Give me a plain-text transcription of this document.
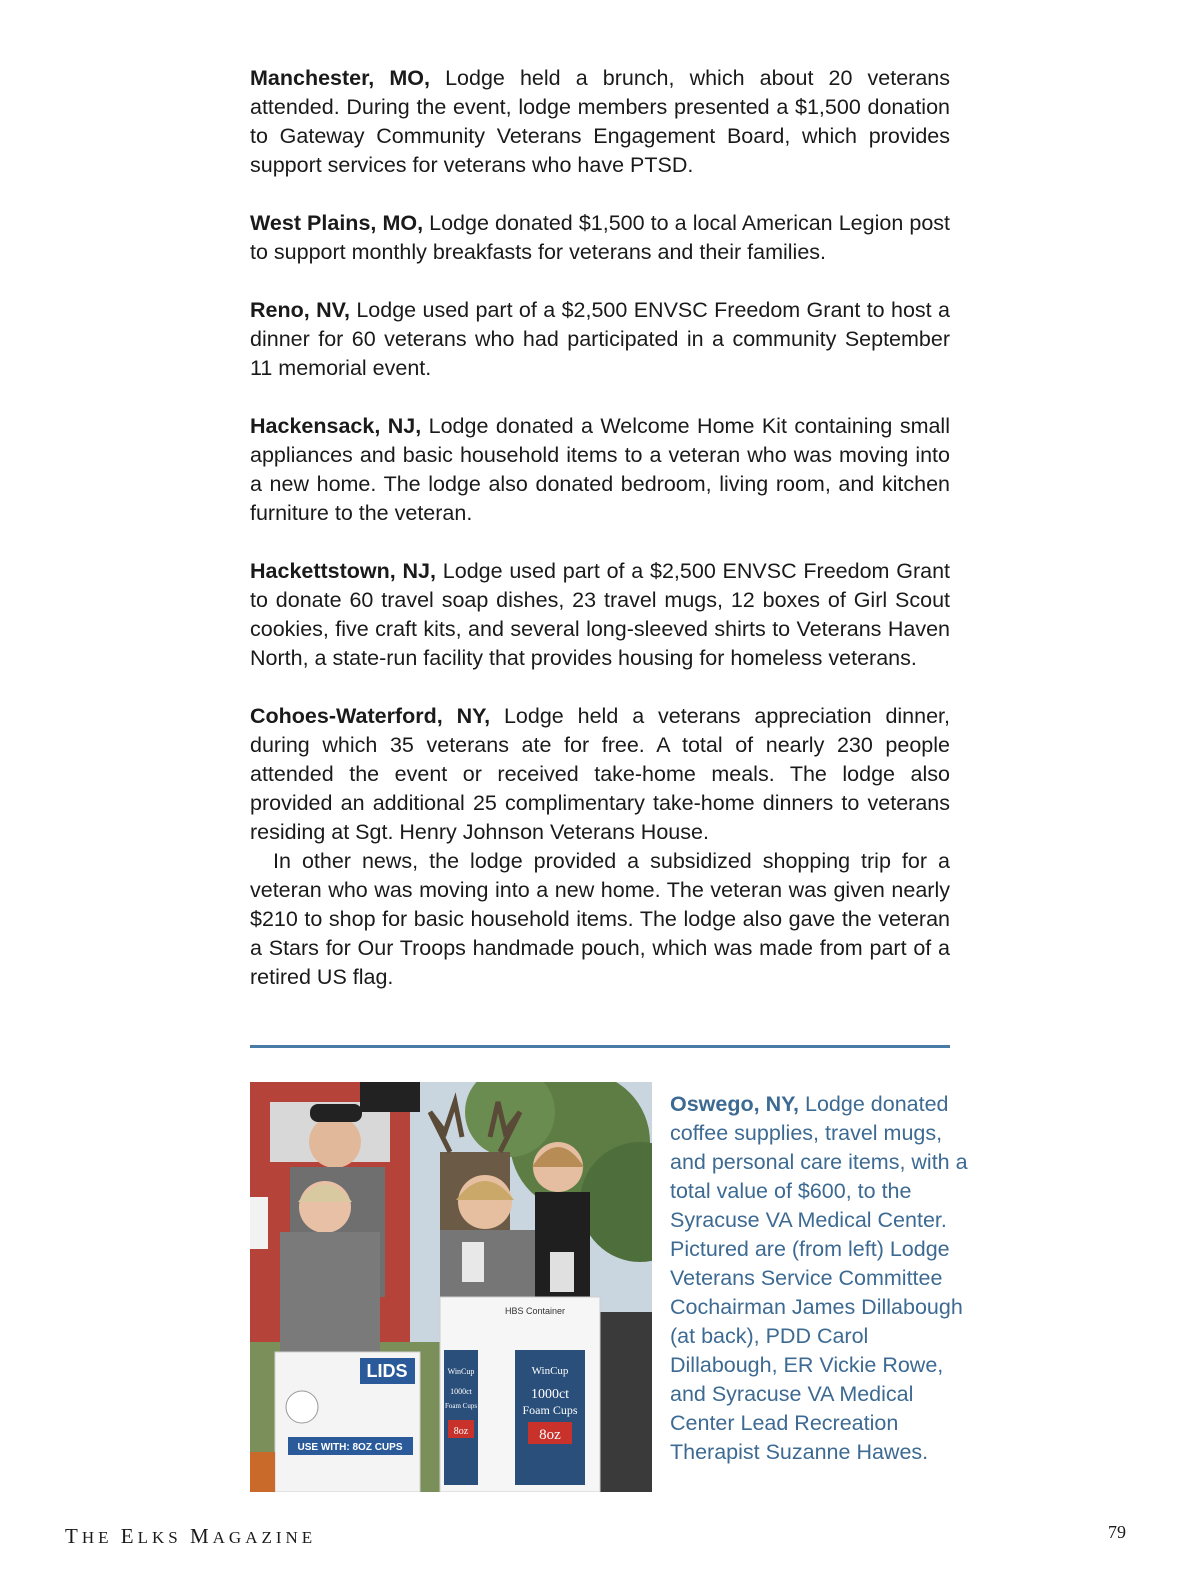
Manchester, MO, Lodge held a brunch, which about 20 veterans attended. During the event, lodge members presented a $1,500 donation to Gateway Community Veterans Engagement Board, which provides support services for veterans who have PTSD.

West Plains, MO, Lodge donated $1,500 to a local American Legion post to support monthly breakfasts for veterans and their families.

Reno, NV, Lodge used part of a $2,500 ENVSC Freedom Grant to host a dinner for 60 veterans who had participated in a community September 11 memorial event.

Hackensack, NJ, Lodge donated a Welcome Home Kit containing small appliances and basic household items to a veteran who was moving into a new home. The lodge also donated bedroom, living room, and kitchen furniture to the veteran.

Hackettstown, NJ, Lodge used part of a $2,500 ENVSC Freedom Grant to donate 60 travel soap dishes, 23 travel mugs, 12 boxes of Girl Scout cookies, five craft kits, and several long-sleeved shirts to Veterans Haven North, a state-run facility that provides housing for homeless veterans.

Cohoes-Waterford, NY, Lodge held a veterans appreciation dinner, during which 35 veterans ate for free. A total of nearly 230 people attended the event or received take-home meals. The lodge also provided an additional 25 complimentary take-home dinners to veterans residing at Sgt. Henry Johnson Veterans House.
In other news, the lodge provided a subsidized shopping trip for a veteran who was moving into a new home. The veteran was given nearly $210 to shop for basic household items. The lodge also gave the veteran a Stars for Our Troops handmade pouch, which was made from part of a retired US flag.

LIDS
USE WITH: 8OZ CUPS
HBS Container
WinCup
1000ct
Foam Cups
8oz
WinCup
1000ct
Foam Cups
8oz
Oswego, NY, Lodge donated coffee supplies, travel mugs, and personal care items, with a total value of $600, to the Syracuse VA Medical Center. Pictured are (from left) Lodge Veterans Service Committee Cochairman James Dillabough (at back), PDD Carol Dillabough, ER Vickie Rowe, and Syracuse VA Medical Center Lead Recreation Therapist Suzanne Hawes.
THE ELKS MAGAZINE	79
